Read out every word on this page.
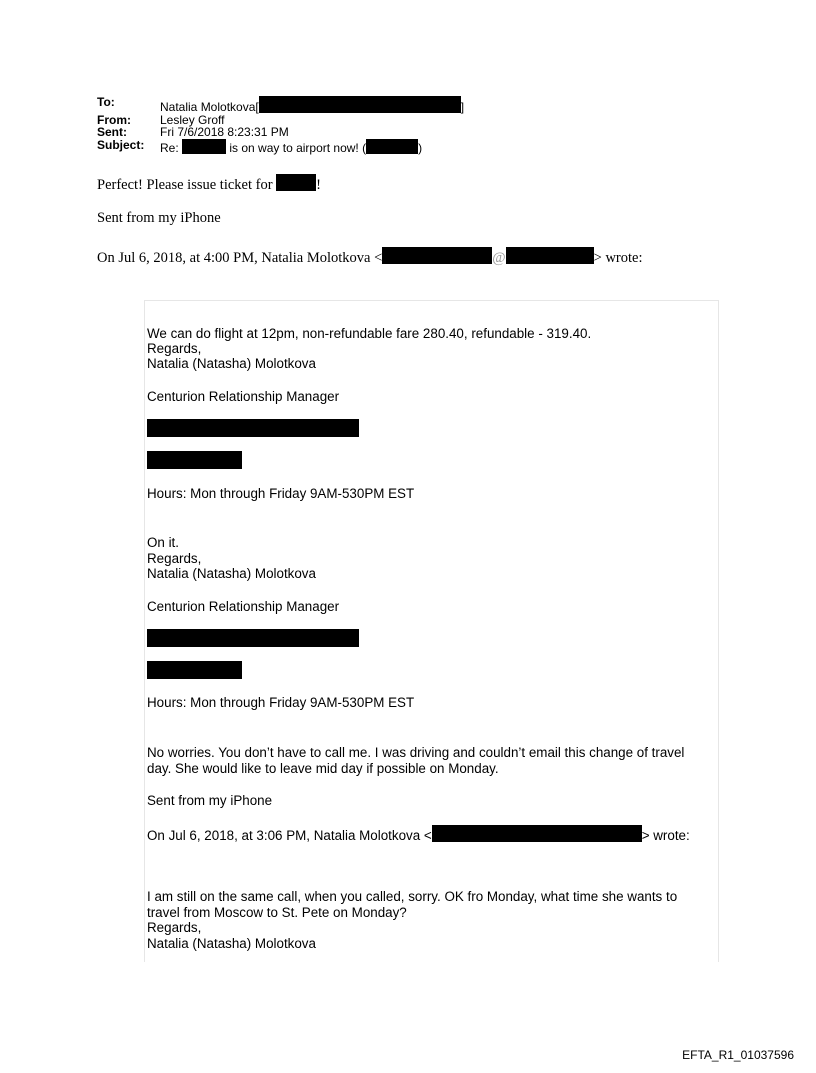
To:	Natalia Molotkova[	]
From:	Lesley Groff
Sent:	Fri 7/6/2018 8:23:31 PM
Subject:	Re:	is on way to airport now! (	)
Perfect! Please issue ticket for	!
Sent from my iPhone
On Jul 6, 2018, at 4:00 PM, Natalia Molotkova <	@	> wrote:
We can do flight at 12pm, non-refundable fare 280.40, refundable - 319.40.
Regards,
Natalia (Natasha) Molotkova
Centurion Relationship Manager
Hours: Mon through Friday 9AM-530PM EST
On it.
Regards,
Natalia (Natasha) Molotkova
Centurion Relationship Manager
Hours: Mon through Friday 9AM-530PM EST
No worries. You don’t have to call me. I was driving and couldn’t email this change of travel
day. She would like to leave mid day if possible on Monday.
Sent from my iPhone
On Jul 6, 2018, at 3:06 PM, Natalia Molotkova <	> wrote:
I am still on the same call, when you called, sorry. OK fro Monday, what time she wants to
travel from Moscow to St. Pete on Monday?
Regards,
Natalia (Natasha) Molotkova
EFTA_R1_01037596
